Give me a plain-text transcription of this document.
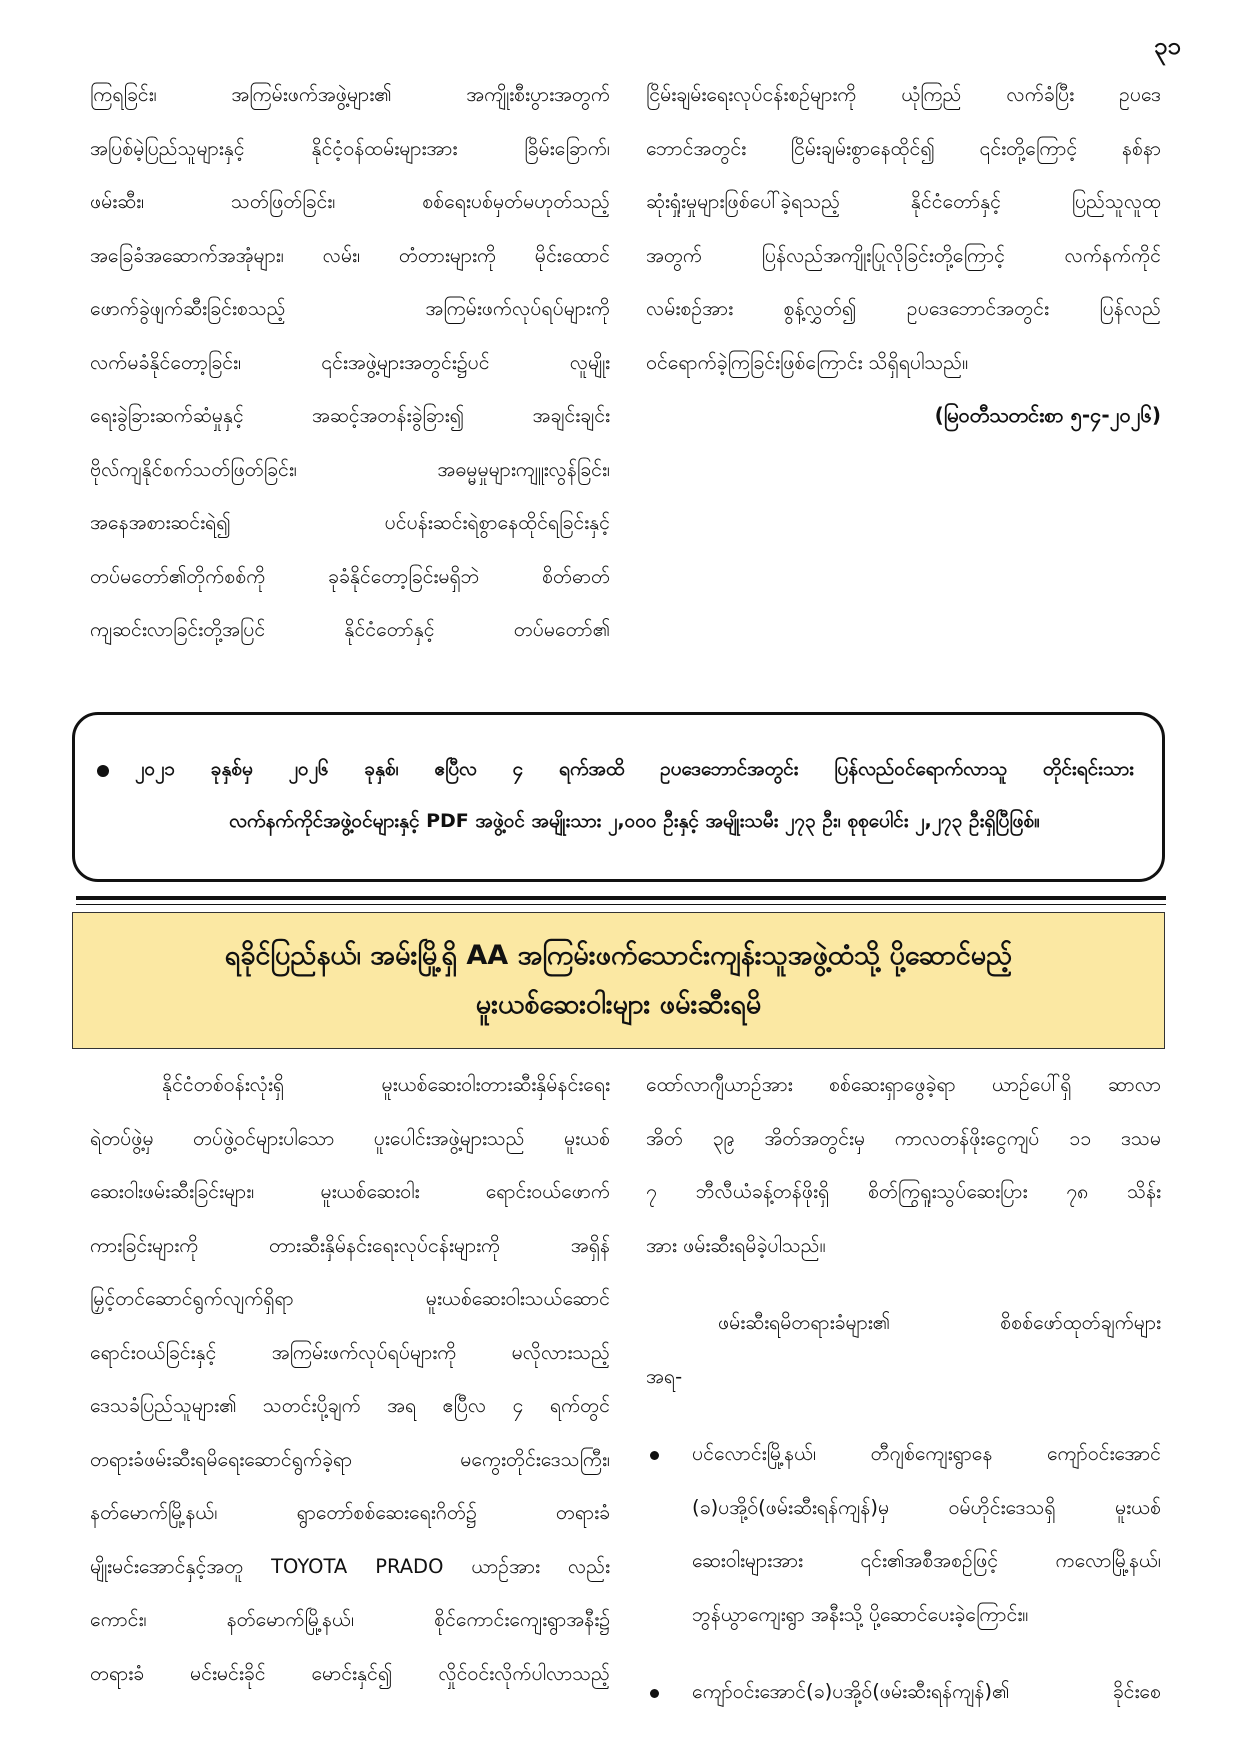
၃၁

ကြရခြင်း၊ အကြမ်းဖက်အဖွဲ့များ၏ အကျိုးစီးပွားအတွက်

အပြစ်မဲ့ပြည်သူများနှင့် နိုင်ငံ့ဝန်ထမ်းများအား ခြိမ်းခြောက်၊

ဖမ်းဆီး၊ သတ်ဖြတ်ခြင်း၊ စစ်ရေးပစ်မှတ်မဟုတ်သည့်

အခြေခံအဆောက်အအုံများ၊ လမ်း၊ တံတားများကို မိုင်းထောင်

ဖောက်ခွဲဖျက်ဆီးခြင်းစသည့် အကြမ်းဖက်လုပ်ရပ်များကို

လက်မခံနိုင်တော့ခြင်း၊ ၎င်းအဖွဲ့များအတွင်း၌ပင် လူမျိုး

ရေးခွဲခြားဆက်ဆံမှုနှင့် အဆင့်အတန်းခွဲခြား၍ အချင်းချင်း

ဗိုလ်ကျနိုင်စက်သတ်ဖြတ်ခြင်း၊ အဓမ္မမှုများကျူးလွန်ခြင်း၊

အနေအစားဆင်းရဲ၍ ပင်ပန်းဆင်းရဲစွာနေထိုင်ရခြင်းနှင့်

တပ်မတော်၏တိုက်စစ်ကို ခုခံနိုင်တော့ခြင်းမရှိဘဲ စိတ်ဓာတ်

ကျဆင်းလာခြင်းတို့အပြင် နိုင်ငံတော်နှင့် တပ်မတော်၏

ငြိမ်းချမ်းရေးလုပ်ငန်းစဉ်များကို ယုံကြည် လက်ခံပြီး ဥပဒေ

ဘောင်အတွင်း ငြိမ်းချမ်းစွာနေထိုင်၍ ၎င်းတို့ကြောင့် နစ်နာ

ဆုံးရှုံးမှုများဖြစ်ပေါ်ခဲ့ရသည့် နိုင်ငံတော်နှင့် ပြည်သူလူထု

အတွက် ပြန်လည်အကျိုးပြုလိုခြင်းတို့ကြောင့် လက်နက်ကိုင်

လမ်းစဉ်အား စွန့်လွှတ်၍ ဥပဒေဘောင်အတွင်း ပြန်လည်

ဝင်ရောက်ခဲ့ကြခြင်းဖြစ်ကြောင်း သိရှိရပါသည်။

(မြဝတီသတင်းစာ ၅-၄-၂၀၂၆)

၂၀၂၁ ခုနှစ်မှ ၂၀၂၆ ခုနှစ်၊ ဧပြီလ ၄ ရက်အထိ ဥပဒေဘောင်အတွင်း ပြန်လည်ဝင်ရောက်လာသူ တိုင်းရင်းသား
လက်နက်ကိုင်အဖွဲ့ဝင်များနှင့် PDF အဖွဲ့ဝင် အမျိုးသား ၂,၀၀၀ ဦးနှင့် အမျိုးသမီး ၂၇၃ ဦး၊ စုစုပေါင်း ၂,၂၇၃ ဦးရှိပြီဖြစ်။
ရခိုင်ပြည်နယ်၊ အမ်းမြို့ရှိ AA အကြမ်းဖက်သောင်းကျန်းသူအဖွဲ့ထံသို့ ပို့ဆောင်မည့်
မူးယစ်ဆေးဝါးများ ဖမ်းဆီးရမိ

နိုင်ငံတစ်ဝန်းလုံးရှိ မူးယစ်ဆေးဝါးတားဆီးနှိမ်နင်းရေး

ရဲတပ်ဖွဲ့မှ တပ်ဖွဲ့ဝင်များပါသော ပူးပေါင်းအဖွဲ့များသည် မူးယစ်

ဆေးဝါးဖမ်းဆီးခြင်းများ၊ မူးယစ်ဆေးဝါး ရောင်းဝယ်ဖောက်

ကားခြင်းများကို တားဆီးနှိမ်နင်းရေးလုပ်ငန်းများကို အရှိန်

မြှင့်တင်ဆောင်ရွက်လျက်ရှိရာ မူးယစ်ဆေးဝါးသယ်ဆောင်

ရောင်းဝယ်ခြင်းနှင့် အကြမ်းဖက်လုပ်ရပ်များကို မလိုလားသည့်

ဒေသခံပြည်သူများ၏ သတင်းပို့ချက် အရ ဧပြီလ ၄ ရက်တွင်

တရားခံဖမ်းဆီးရမိရေးဆောင်ရွက်ခဲ့ရာ မကွေးတိုင်းဒေသကြီး၊

နတ်မောက်မြို့နယ်၊ ရွာတော်စစ်ဆေးရေးဂိတ်၌ တရားခံ

မျိုးမင်းအောင်နှင့်အတူ TOYOTA PRADO ယာဉ်အား လည်း

ကောင်း၊ နတ်မောက်မြို့နယ်၊ စိုင်ကောင်းကျေးရွာအနီး၌

တရားခံ မင်းမင်းခိုင် မောင်းနှင်၍ လှိုင်ဝင်းလိုက်ပါလာသည့်

ထော်လာဂျီယာဉ်အား စစ်ဆေးရှာဖွေခဲ့ရာ ယာဉ်ပေါ်ရှိ ဆာလာ

အိတ် ၃၉ အိတ်အတွင်းမှ ကာလတန်ဖိုးငွေကျပ် ၁၁ ဒသမ

၇ ဘီလီယံခန့်တန်ဖိုးရှိ စိတ်ကြွရူးသွပ်ဆေးပြား ၇၈ သိန်း

အား ဖမ်းဆီးရမိခဲ့ပါသည်။

ဖမ်းဆီးရမိတရားခံများ၏ စိစစ်ဖော်ထုတ်ချက်များ

အရ-

ပင်လောင်းမြို့နယ်၊ တီဂျစ်ကျေးရွာနေ ကျော်ဝင်းအောင်

(ခ)ပအို့ဝ်(ဖမ်းဆီးရန်ကျန်)မှ ဝမ်ဟိုင်းဒေသရှိ မူးယစ်

ဆေးဝါးများအား ၎င်း၏အစီအစဉ်ဖြင့် ကလောမြို့နယ်၊

ဘွန်ယွာကျေးရွာ အနီးသို့ ပို့ဆောင်ပေးခဲ့ကြောင်း။

ကျော်ဝင်းအောင်(ခ)ပအို့ဝ်(ဖမ်းဆီးရန်ကျန်)၏ ခိုင်းစေ
